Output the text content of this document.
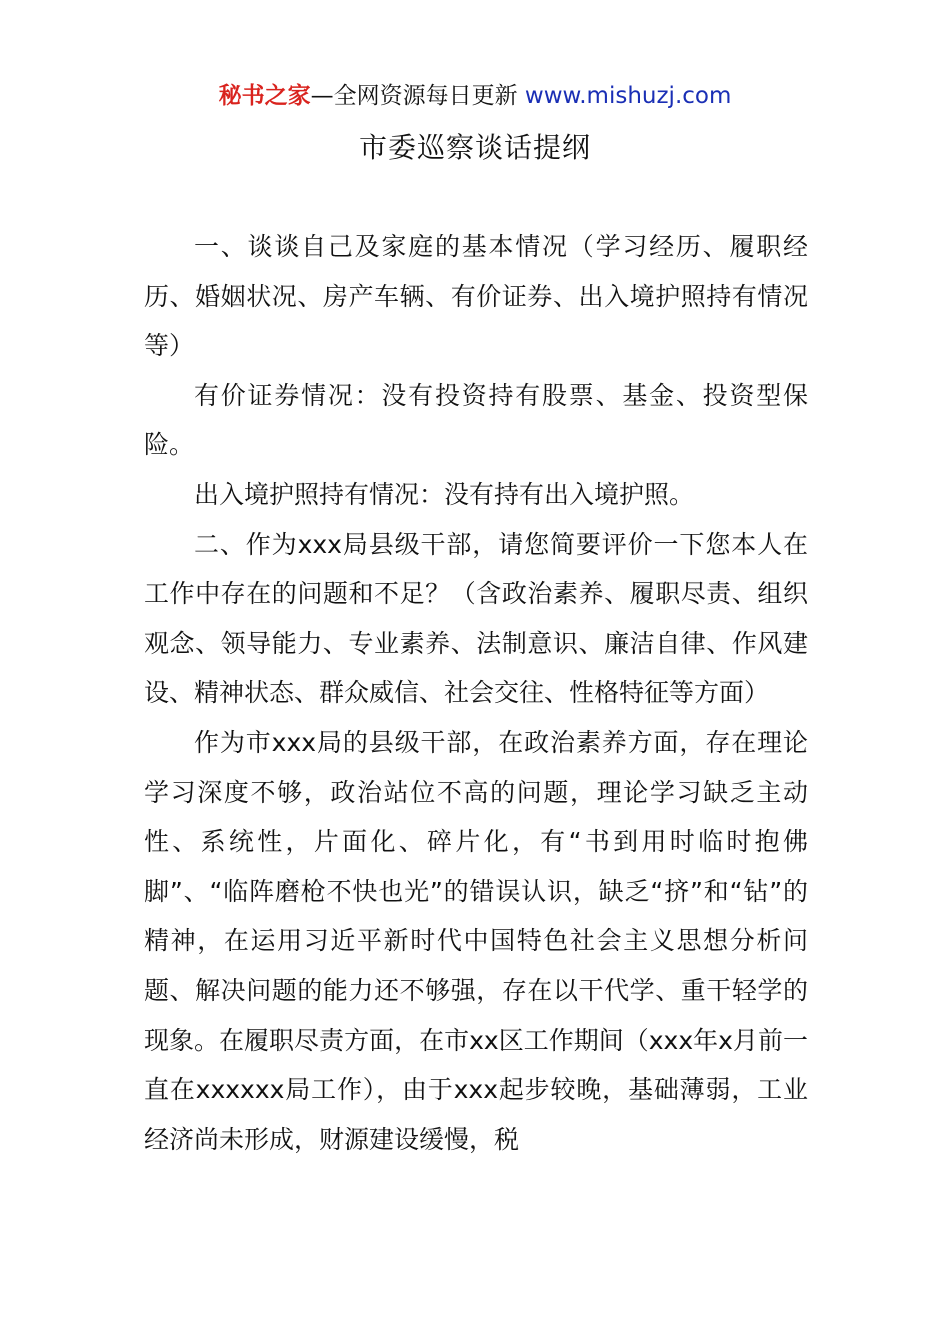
秘书之家—全网资源每日更新 www.mishuzj.com
市委巡察谈话提纲

一、谈谈自己及家庭的基本情况（学习经历、履职经历、婚姻状况、房产车辆、有价证券、出入境护照持有情况等）

有价证券情况：没有投资持有股票、基金、投资型保险。

出入境护照持有情况：没有持有出入境护照。

二、作为xxx局县级干部，请您简要评价一下您本人在工作中存在的问题和不足？（含政治素养、履职尽责、组织观念、领导能力、专业素养、法制意识、廉洁自律、作风建设、精神状态、群众威信、社会交往、性格特征等方面）

作为市xxx局的县级干部，在政治素养方面，存在理论学习深度不够，政治站位不高的问题，理论学习缺乏主动性、系统性，片面化、碎片化，有“书到用时临时抱佛脚”、“临阵磨枪不快也光”的错误认识，缺乏“挤”和“钻”的精神，在运用习近平新时代中国特色社会主义思想分析问题、解决问题的能力还不够强，存在以干代学、重干轻学的现象。在履职尽责方面，在市xx区工作期间（xxx年x月前一直在xxxxxx局工作），由于xxx起步较晚，基础薄弱，工业经济尚未形成，财源建设缓慢，税
